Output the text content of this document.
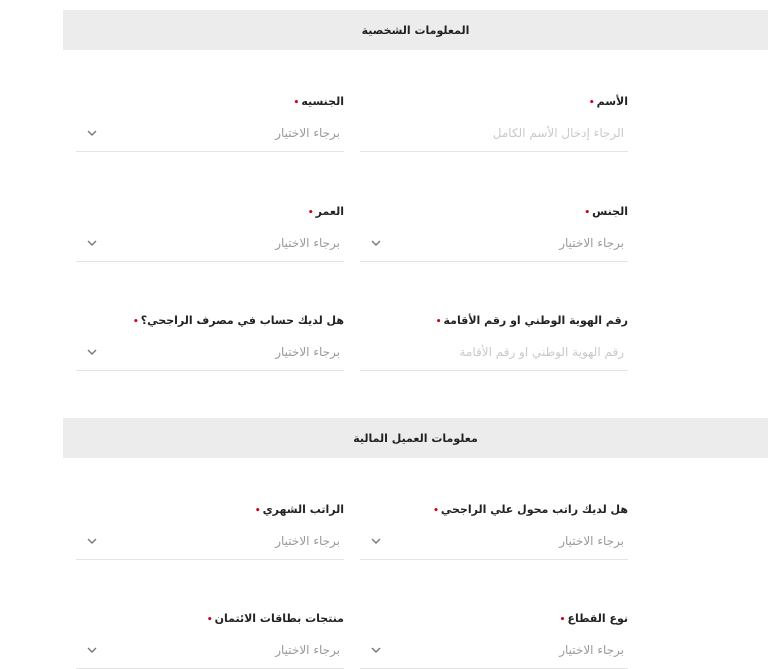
المعلومات الشخصية
الأسم•
الرجاء إدخال الأسم الكامل
الجنسيه•
برجاء الاختيار
الجنس•
برجاء الاختيار
العمر•
برجاء الاختيار
رقم الهوية الوطني او رقم الأقامة•
رقم الهوية الوطني او رقم الأقامة
هل لديك حساب في مصرف الراجحي؟•
برجاء الاختيار
معلومات العميل المالية
هل لديك راتب محول علي الراجحي•
برجاء الاختيار
الراتب الشهري•
برجاء الاختيار
نوع القطاع•
برجاء الاختيار
منتجات بطاقات الائتمان•
برجاء الاختيار
